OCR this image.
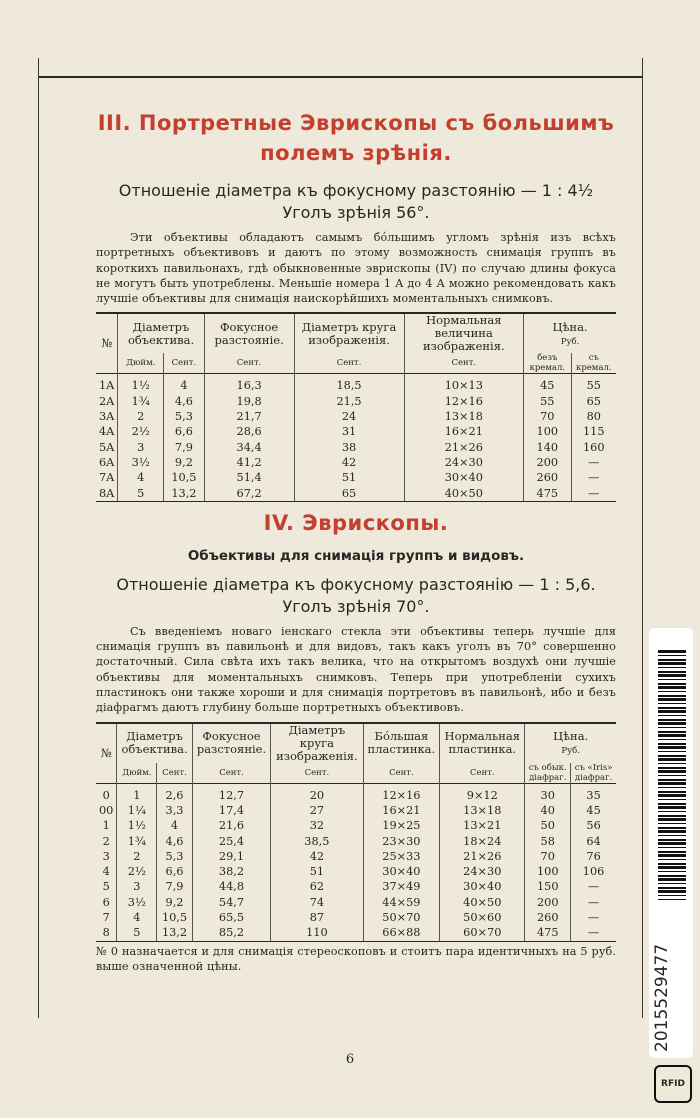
III. Портретные Эврископы съ большимъ

полемъ зрѣнія.

Отношеніе діаметра къ фокусному разстоянію — 1 : 4½

Уголъ зрѣнія 56°.

Эти объективы обладаютъ самымъ бóльшимъ угломъ зрѣнія изъ всѣхъ портретныхъ объективовъ и даютъ по этому возможность снимація группъ въ короткихъ павильонахъ, гдѣ обыкновенные эврископы (IV) по случаю длины фокуса не могутъ быть употреблены. Меньшіе номера 1 A до 4 A можно рекомендовать какъ лучшіе объективы для снимація наискорѣйшихъ моментальныхъ снимковъ.

№	Діаметръ объектива.		Фокусное разстояніе.	Діаметръ круга изображенія.	Нормальная величина изображенія.	Цѣна.
Руб.	
	Дюйм.	Сент.	Сент.	Сент.	Сент.	безъ кремал.	съ кремал.
1A	1½	4	16,3	18,5	10×13	45	55
2A	1¾	4,6	19,8	21,5	12×16	55	65
3A	2	5,3	21,7	24	13×18	70	80
4A	2½	6,6	28,6	31	16×21	100	115
5A	3	7,9	34,4	38	21×26	140	160
6A	3½	9,2	41,2	42	24×30	200	—
7A	4	10,5	51,4	51	30×40	260	—
8A	5	13,2	67,2	65	40×50	475	—

IV. Эврископы.

Объективы для снимація группъ и видовъ.

Отношеніе діаметра къ фокусному разстоянію — 1 : 5,6.

Уголъ зрѣнія 70°.

Съ введеніемъ новаго іенскаго стекла эти объективы теперь лучшіе для снимація группъ въ павильонѣ и для видовъ, такъ какъ уголъ въ 70° совершенно достаточный. Сила свѣта ихъ такъ велика, что на открытомъ воздухѣ они лучшіе объективы для моментальныхъ снимковъ. Теперь при употребленіи сухихъ пластинокъ они также хороши и для снимація портретовъ въ павильонѣ, ибо и безъ діафрагмъ даютъ глубину больше портретныхъ объективовъ.

№	Діаметръ объектива.		Фокусное разстояніе.	Діаметръ круга изображенія.	Бóльшая пластинка.	Нормальная пластинка.	Цѣна.
Руб.	
	Дюйм.	Сент.	Сент.	Сент.	Сент.	Сент.	съ обык. діафраг.	съ «Iris» діафраг.
0	1	2,6	12,7	20	12×16	9×12	30	35
00	1¼	3,3	17,4	27	16×21	13×18	40	45
1	1½	4	21,6	32	19×25	13×21	50	56
2	1¾	4,6	25,4	38,5	23×30	18×24	58	64
3	2	5,3	29,1	42	25×33	21×26	70	76
4	2½	6,6	38,2	51	30×40	24×30	100	106
5	3	7,9	44,8	62	37×49	30×40	150	—
6	3½	9,2	54,7	74	44×59	40×50	200	—
7	4	10,5	65,5	87	50×70	50×60	260	—
8	5	13,2	85,2	110	66×88	60×70	475	—

№ 0 назначается и для снимація стереоскоповъ и стоитъ пара идентичныхъ на 5 руб. выше означенной цѣны.

6
RFID
